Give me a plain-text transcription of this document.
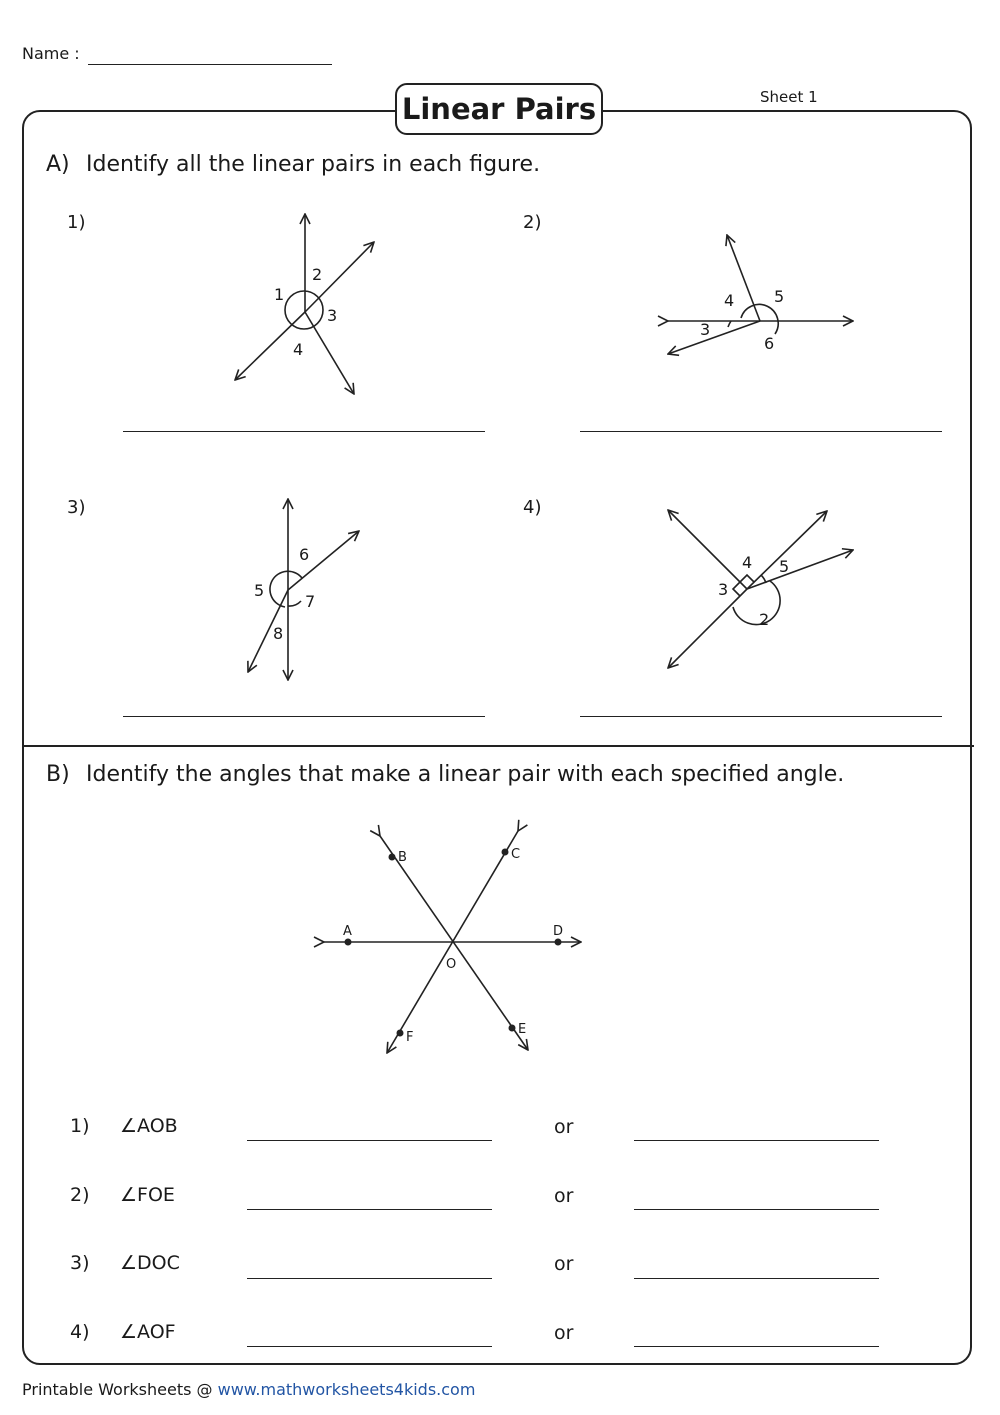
Name :
Sheet 1
Linear Pairs
A) Identify all the linear pairs in each figure.
1)	2)
3)	4)
1
2
3
4
4 5
3
6
6
5
7
8
4 5
3
2
B	C
A	D
O
F
E
B) Identify the angles that make a linear pair with each specified angle.
1) ∠AOB	or
2) ∠FOE	or
3) ∠DOC	or
4) ∠AOF	or
Printable Worksheets @ www.mathworksheets4kids.com
